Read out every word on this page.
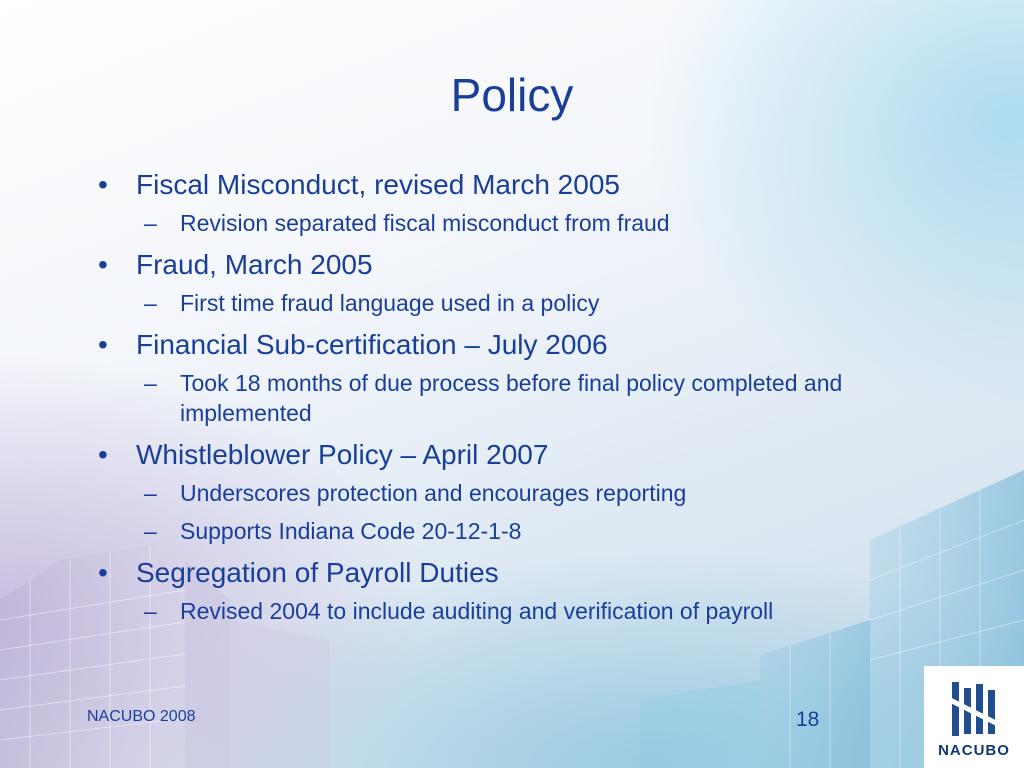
Policy
• Fiscal Misconduct, revised March 2005
– Revision separated fiscal misconduct from fraud
• Fraud, March 2005
– First time fraud language used in a policy
• Financial Sub-certification – July 2006
– Took 18 months of due process before final policy completed and implemented
• Whistleblower Policy – April 2007
– Underscores protection and encourages reporting
– Supports Indiana Code 20-12-1-8
• Segregation of Payroll Duties
– Revised 2004 to include auditing and verification of payroll
NACUBO 2008	18
NACUBO
